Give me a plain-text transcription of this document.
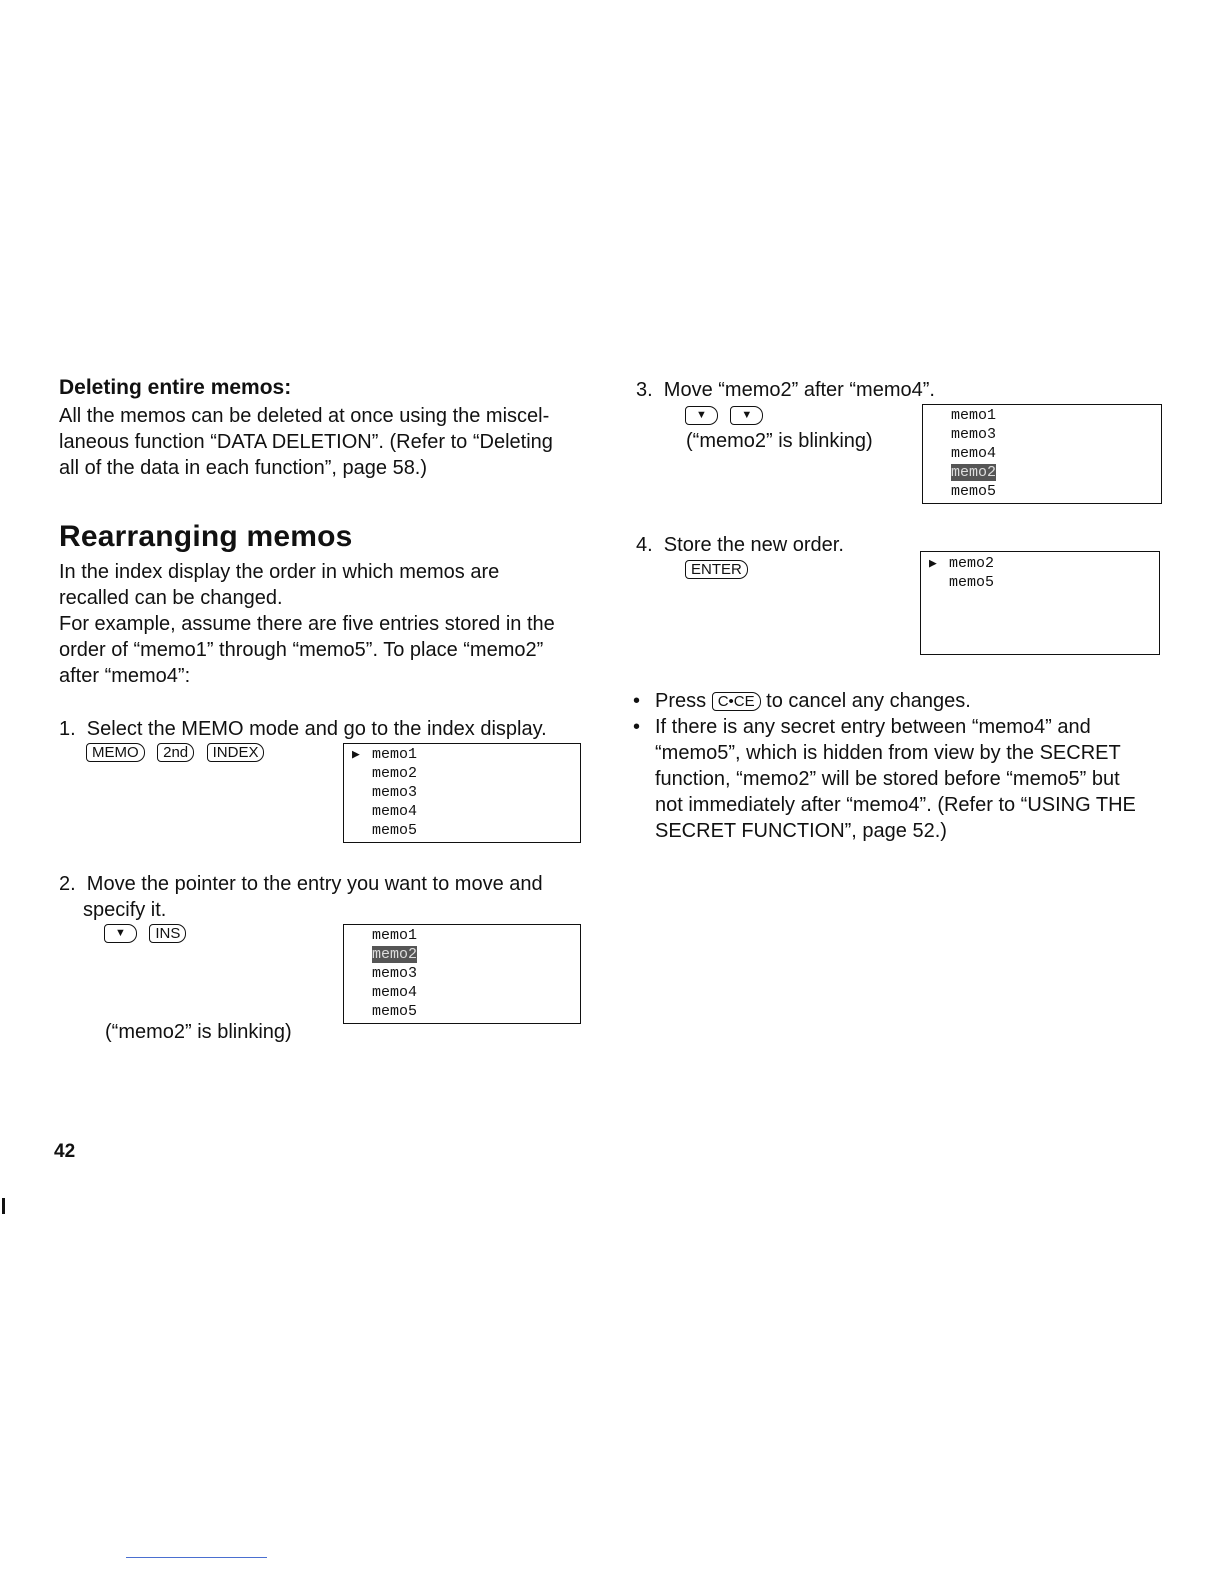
Deleting entire memos:
All the memos can be deleted at once using the miscel-
laneous function “DATA DELETION”. (Refer to “Deleting
all of the data in each function”, page 58.)
Rearranging memos
In the index display the order in which memos are
recalled can be changed.
For example, assume there are five entries stored in the
order of “memo1” through “memo5”. To place “memo2”
after “memo4”:
1.  Select the MEMO mode and go to the index display.
MEMO 2nd INDEX	▶ memo1
memo2
memo3
memo4
memo5
2.  Move the pointer to the entry you want to move and
specify it.
▼ INS	memo1
memo2
memo3
memo4
memo5
(“memo2” is blinking)
42
3.  Move “memo2” after “memo4”.
▼	▼
(“memo2” is blinking)
memo1
memo3
memo4
memo2
memo5
4.  Store the new order.
ENTER	▶ memo2
memo5
• Press C•CE to cancel any changes.
• If there is any secret entry between “memo4” and
“memo5”, which is hidden from view by the SECRET
function, “memo2” will be stored before “memo5” but
not immediately after “memo4”. (Refer to “USING THE
SECRET FUNCTION”, page 52.)
